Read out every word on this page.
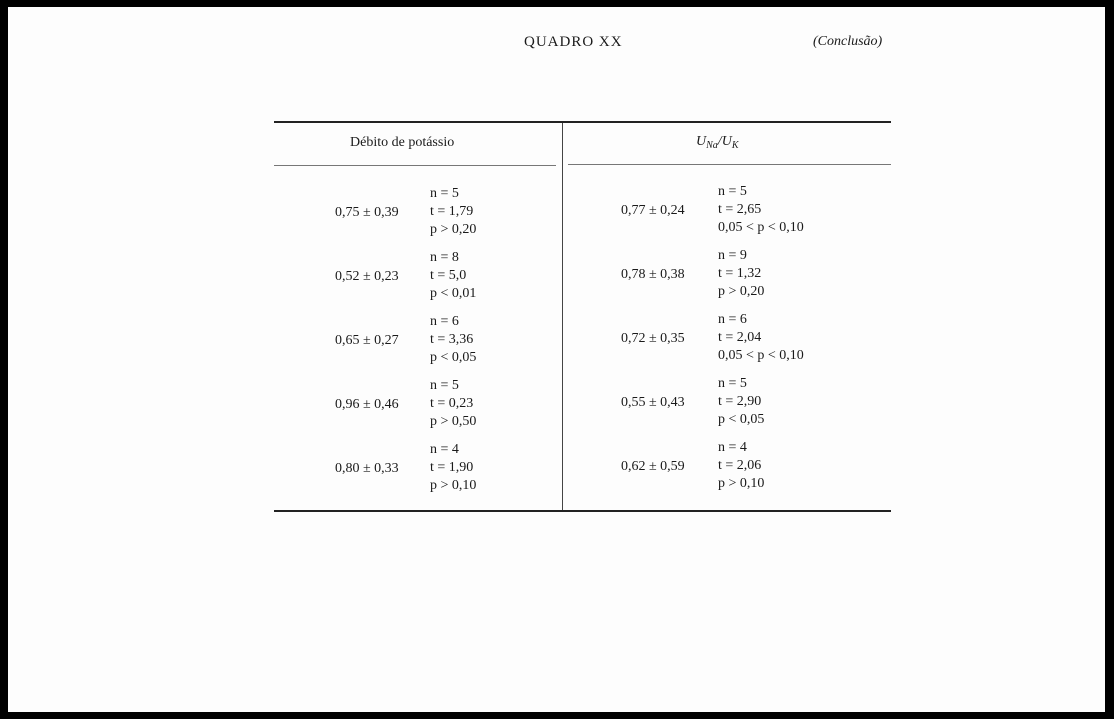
QUADRO XX	(Conclusão)
Débito de potássio	$U_{Na}/U_K$
0,75 ± 0,39
n = 5
t = 1,79
p > 0,20
0,52 ± 0,23
n = 8
t = 5,0
p < 0,01
0,65 ± 0,27
n = 6
t = 3,36
p < 0,05
0,96 ± 0,46
n = 5
t = 0,23
p > 0,50
0,80 ± 0,33
n = 4
t = 1,90
p > 0,10
0,77 ± 0,24
n = 5
t = 2,65
0,05 < p < 0,10
0,78 ± 0,38
n = 9
t = 1,32
p > 0,20
0,72 ± 0,35
n = 6
t = 2,04
0,05 < p < 0,10
0,55 ± 0,43
n = 5
t = 2,90
p < 0,05
0,62 ± 0,59
n = 4
t = 2,06
p > 0,10
